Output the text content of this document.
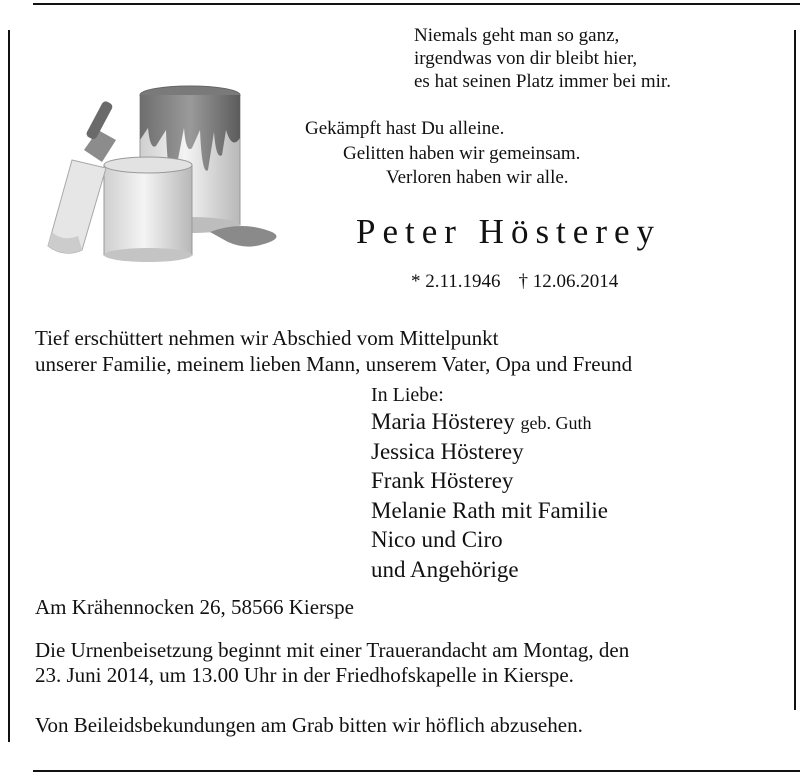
Niemals geht man so ganz,
irgendwas von dir bleibt hier,
es hat seinen Platz immer bei mir.
Gekämpft hast Du alleine.
Gelitten haben wir gemeinsam.
Verloren haben wir alle.
Peter Hösterey
* 2.11.1946 † 12.06.2014
Tief erschüttert nehmen wir Abschied vom Mittelpunkt
unserer Familie, meinem lieben Mann, unserem Vater, Opa und Freund
In Liebe:
Maria Hösterey geb. Guth
Jessica Hösterey
Frank Hösterey
Melanie Rath mit Familie
Nico und Ciro
und Angehörige
Am Krähennocken 26, 58566 Kierspe
Die Urnenbeisetzung beginnt mit einer Trauerandacht am Montag, den
23. Juni 2014, um 13.00 Uhr in der Friedhofskapelle in Kierspe.
Von Beileidsbekundungen am Grab bitten wir höflich abzusehen.
